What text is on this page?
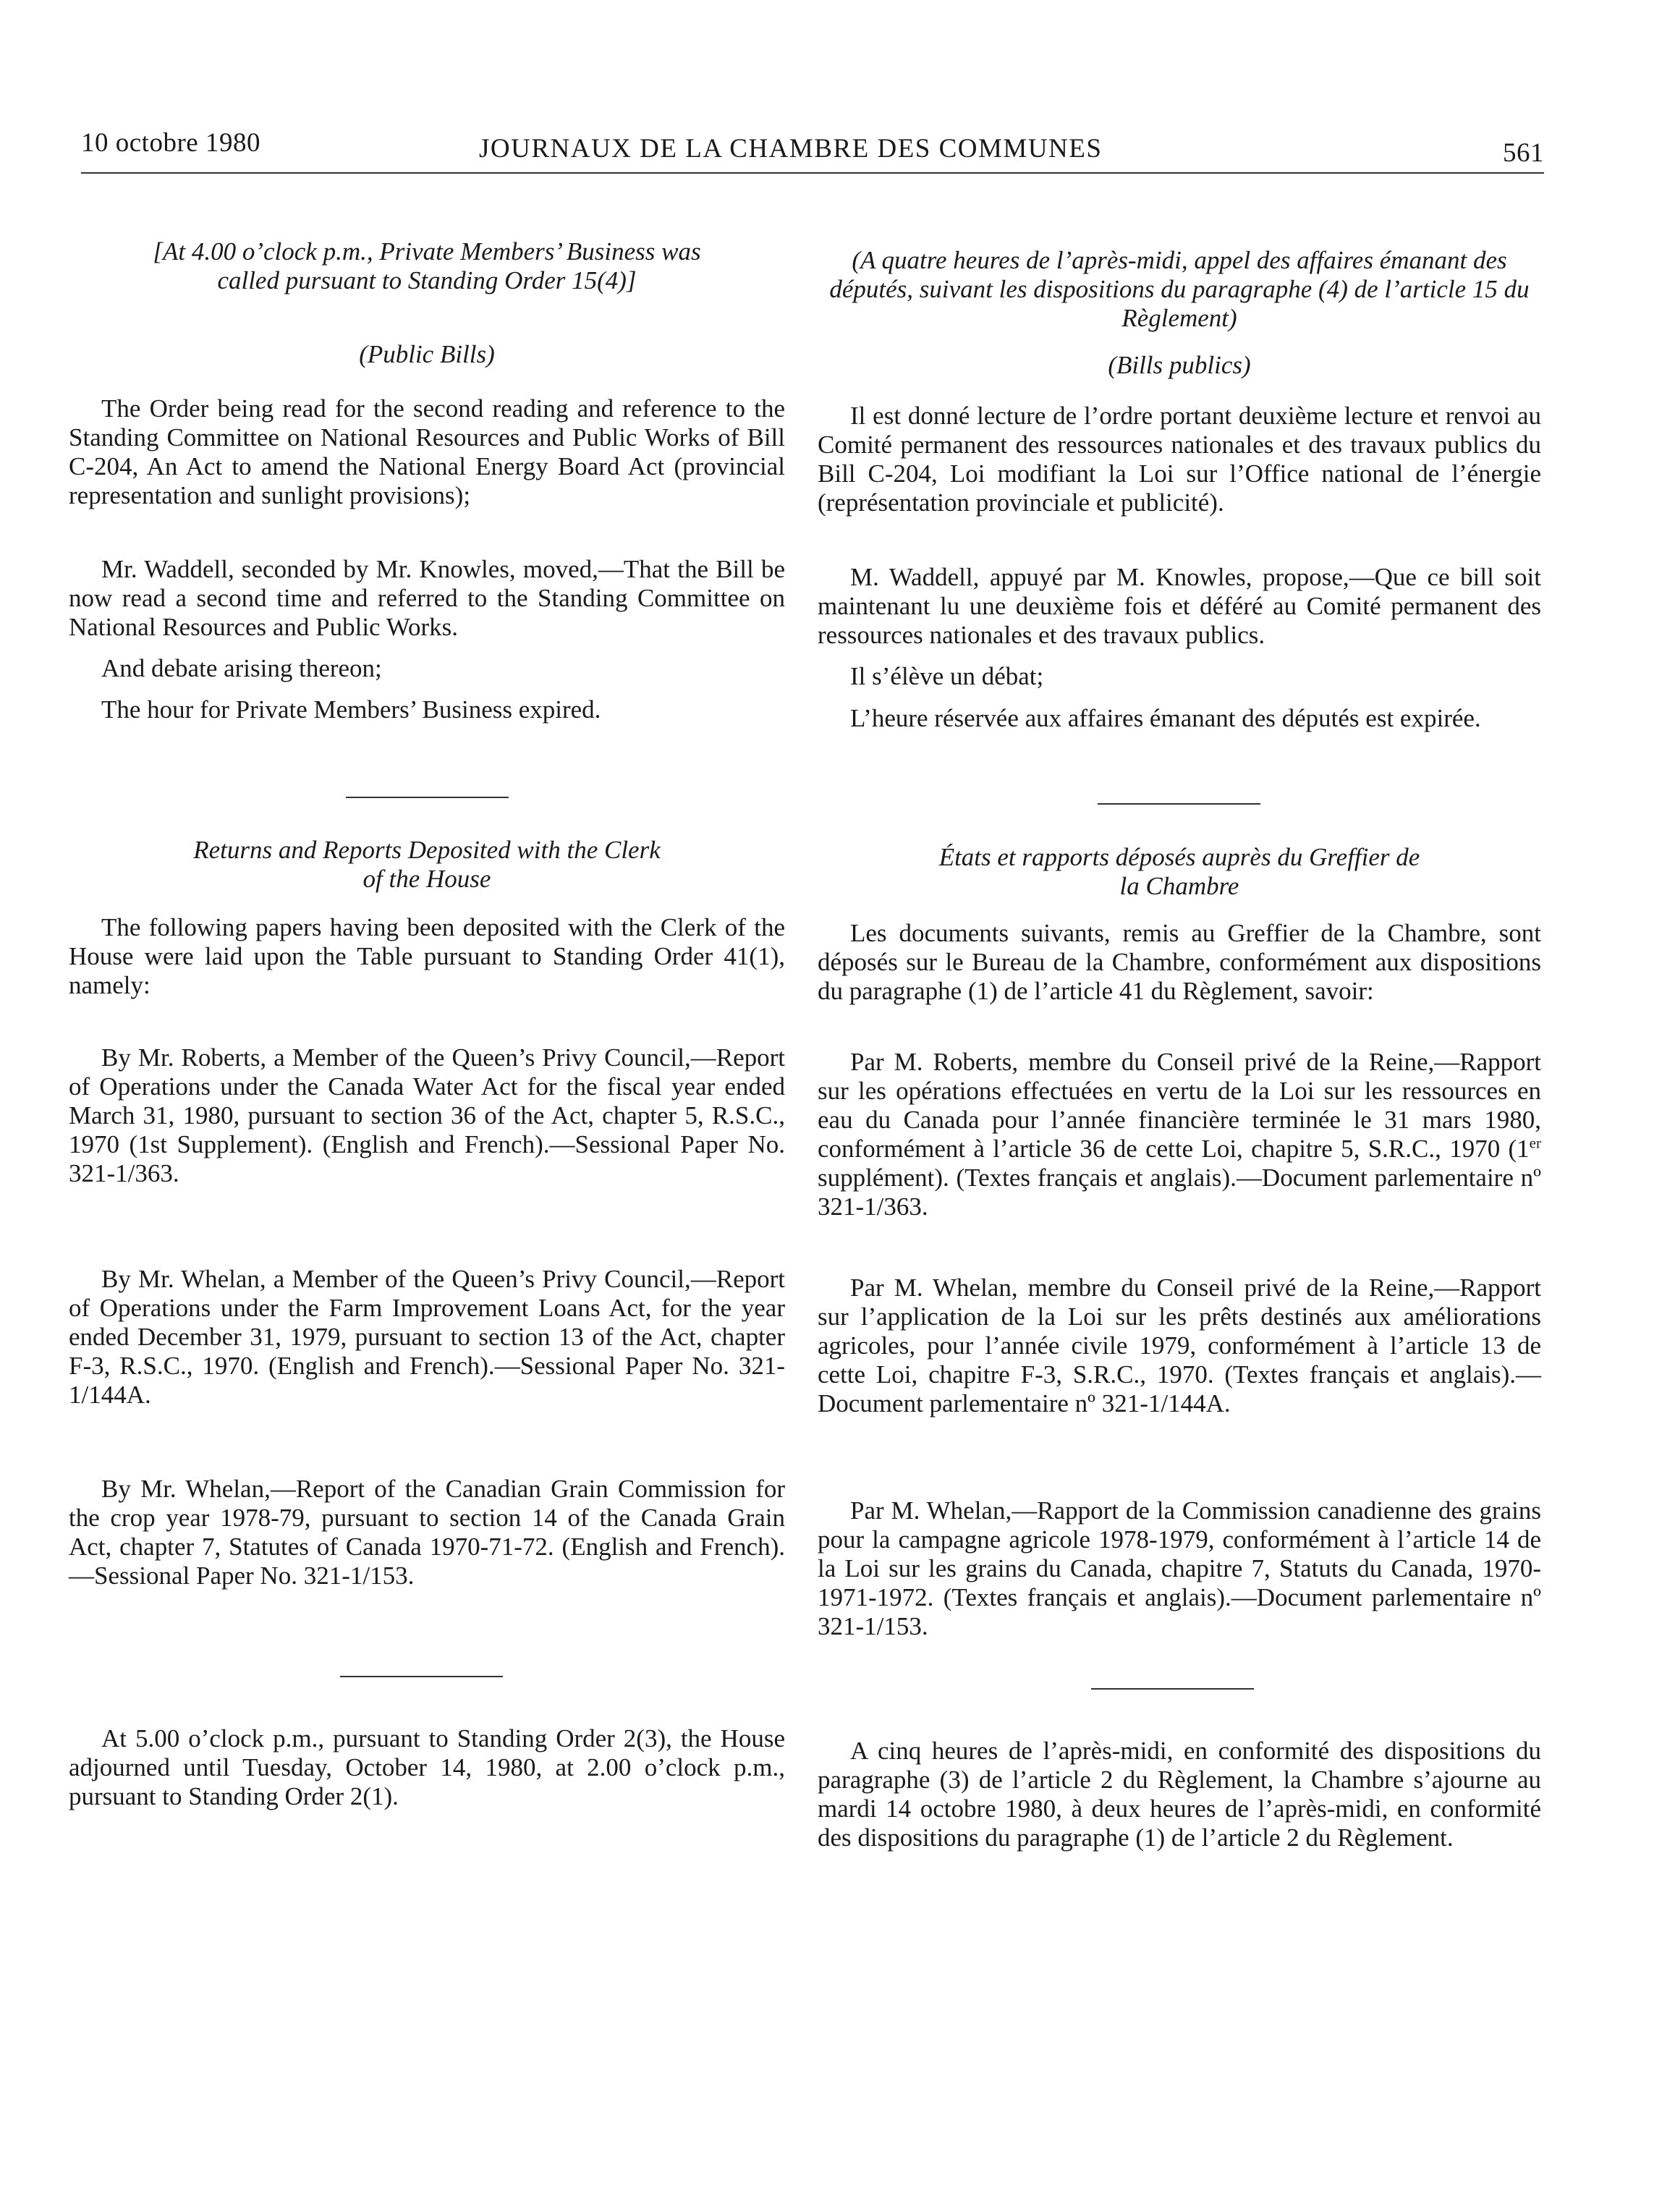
10 octobre 1980	JOURNAUX DE LA CHAMBRE DES COMMUNES	561
[At 4.00 o’clock p.m., Private Members’ Business was called pursuant to Standing Order 15(4)]
(Public Bills)

The Order being read for the second reading and reference to the Standing Committee on National Resources and Public Works of Bill C-204, An Act to amend the National Energy Board Act (provincial representation and sunlight provisions);

Mr. Waddell, seconded by Mr. Knowles, moved,—That the Bill be now read a second time and referred to the Standing Committee on National Resources and Public Works.

And debate arising thereon;

The hour for Private Members’ Business expired.

Returns and Reports Deposited with the Clerk of the House

The following papers having been deposited with the Clerk of the House were laid upon the Table pursuant to Standing Order 41(1), namely:

By Mr. Roberts, a Member of the Queen’s Privy Council,—Report of Operations under the Canada Water Act for the fiscal year ended March 31, 1980, pursuant to section 36 of the Act, chapter 5, R.S.C., 1970 (1st Supplement). (English and French).—Sessional Paper No. 321-1/363.

By Mr. Whelan, a Member of the Queen’s Privy Council,—Report of Operations under the Farm Improvement Loans Act, for the year ended December 31, 1979, pursuant to section 13 of the Act, chapter F-3, R.S.C., 1970. (English and French).—Sessional Paper No. 321-1/144A.

By Mr. Whelan,—Report of the Canadian Grain Commission for the crop year 1978-79, pursuant to section 14 of the Canada Grain Act, chapter 7, Statutes of Canada 1970-71-72. (English and French).—Sessional Paper No. 321-1/153.

At 5.00 o’clock p.m., pursuant to Standing Order 2(3), the House adjourned until Tuesday, October 14, 1980, at 2.00 o’clock p.m., pursuant to Standing Order 2(1).

(A quatre heures de l’après-midi, appel des affaires émanant des députés, suivant les dispositions du paragraphe (4) de l’article 15 du Règlement)
(Bills publics)

Il est donné lecture de l’ordre portant deuxième lecture et renvoi au Comité permanent des ressources nationales et des travaux publics du Bill C-204, Loi modifiant la Loi sur l’Office national de l’énergie (représentation provinciale et publicité).

M. Waddell, appuyé par M. Knowles, propose,—Que ce bill soit maintenant lu une deuxième fois et déféré au Comité permanent des ressources nationales et des travaux publics.

Il s’élève un débat;

L’heure réservée aux affaires émanant des députés est expirée.

États et rapports déposés auprès du Greffier de la Chambre

Les documents suivants, remis au Greffier de la Chambre, sont déposés sur le Bureau de la Chambre, conformément aux dispositions du paragraphe (1) de l’article 41 du Règlement, savoir:

Par M. Roberts, membre du Conseil privé de la Reine,—Rapport sur les opérations effectuées en vertu de la Loi sur les ressources en eau du Canada pour l’année financière terminée le 31 mars 1980, conformément à l’article 36 de cette Loi, chapitre 5, S.R.C., 1970 (1er supplément). (Textes français et anglais).—Document parlementaire nº 321-1/363.

Par M. Whelan, membre du Conseil privé de la Reine,—Rapport sur l’application de la Loi sur les prêts destinés aux améliorations agricoles, pour l’année civile 1979, conformément à l’article 13 de cette Loi, chapitre F-3, S.R.C., 1970. (Textes français et anglais).—Document parlementaire nº 321-1/144A.

Par M. Whelan,—Rapport de la Commission canadienne des grains pour la campagne agricole 1978-1979, conformément à l’article 14 de la Loi sur les grains du Canada, chapitre 7, Statuts du Canada, 1970-1971-1972. (Textes français et anglais).—Document parlementaire nº 321-1/153.

A cinq heures de l’après-midi, en conformité des dispositions du paragraphe (3) de l’article 2 du Règlement, la Chambre s’ajourne au mardi 14 octobre 1980, à deux heures de l’après-midi, en conformité des dispositions du paragraphe (1) de l’article 2 du Règlement.
